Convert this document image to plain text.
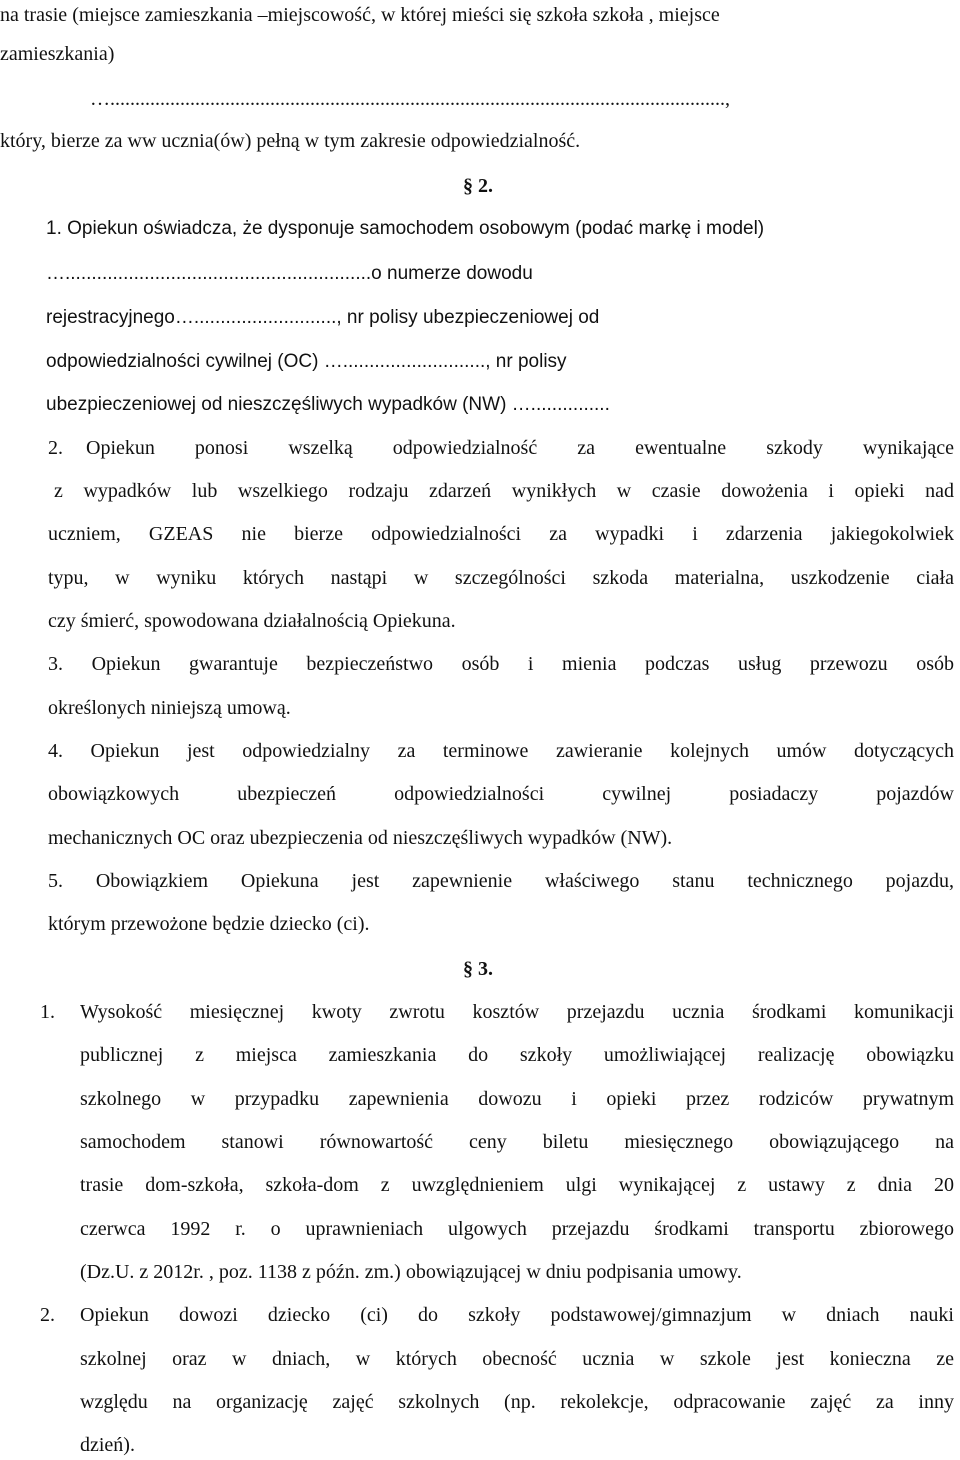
na trasie (miejsce zamieszkania –miejscowość, w której mieści się szkoła szkoła , miejsce
zamieszkania)
…...........................................................................................................................,
który, bierze za ww ucznia(ów) pełną w tym zakresie odpowiedzialność.
§ 2.
1. Opiekun oświadcza, że dysponuje samochodem osobowym (podać markę i model)
…..........................................................o numerze dowodu
rejestracyjnego…..........................., nr polisy ubezpieczeniowej od
odpowiedzialności cywilnej (OC) …..........................., nr polisy
ubezpieczeniowej od nieszczęśliwych wypadków (NW) …...............
2. Opiekun ponosi wszelką odpowiedzialność za ewentualne szkody wynikające
z wypadków lub wszelkiego rodzaju zdarzeń wynikłych w czasie dowożenia i opieki nad
uczniem, GZEAS nie bierze odpowiedzialności za wypadki i zdarzenia jakiegokolwiek
typu, w wyniku których nastąpi w szczególności szkoda materialna, uszkodzenie ciała
czy śmierć, spowodowana działalnością Opiekuna.
3. Opiekun gwarantuje bezpieczeństwo osób i mienia podczas usług przewozu osób
określonych niniejszą umową.
4. Opiekun jest odpowiedzialny za terminowe zawieranie kolejnych umów dotyczących
obowiązkowych ubezpieczeń odpowiedzialności cywilnej posiadaczy pojazdów
mechanicznych OC oraz ubezpieczenia od nieszczęśliwych wypadków (NW).
5. Obowiązkiem Opiekuna jest zapewnienie właściwego stanu technicznego pojazdu,
którym przewożone będzie dziecko (ci).
§ 3.
1. Wysokość miesięcznej kwoty zwrotu kosztów przejazdu ucznia środkami komunikacji
publicznej z miejsca zamieszkania do szkoły umożliwiającej realizację obowiązku
szkolnego w przypadku zapewnienia dowozu i opieki przez rodziców prywatnym
samochodem stanowi równowartość ceny biletu miesięcznego obowiązującego na
trasie dom-szkoła, szkoła-dom z uwzględnieniem ulgi wynikającej z ustawy z dnia 20
czerwca 1992 r. o uprawnieniach ulgowych przejazdu środkami transportu zbiorowego
(Dz.U. z 2012r. , poz. 1138 z późn. zm.) obowiązującej w dniu podpisania umowy.
2. Opiekun dowozi dziecko (ci) do szkoły podstawowej/gimnazjum w dniach nauki
szkolnej oraz w dniach, w których obecność ucznia w szkole jest konieczna ze
względu na organizację zajęć szkolnych (np. rekolekcje, odpracowanie zajęć za inny
dzień).
